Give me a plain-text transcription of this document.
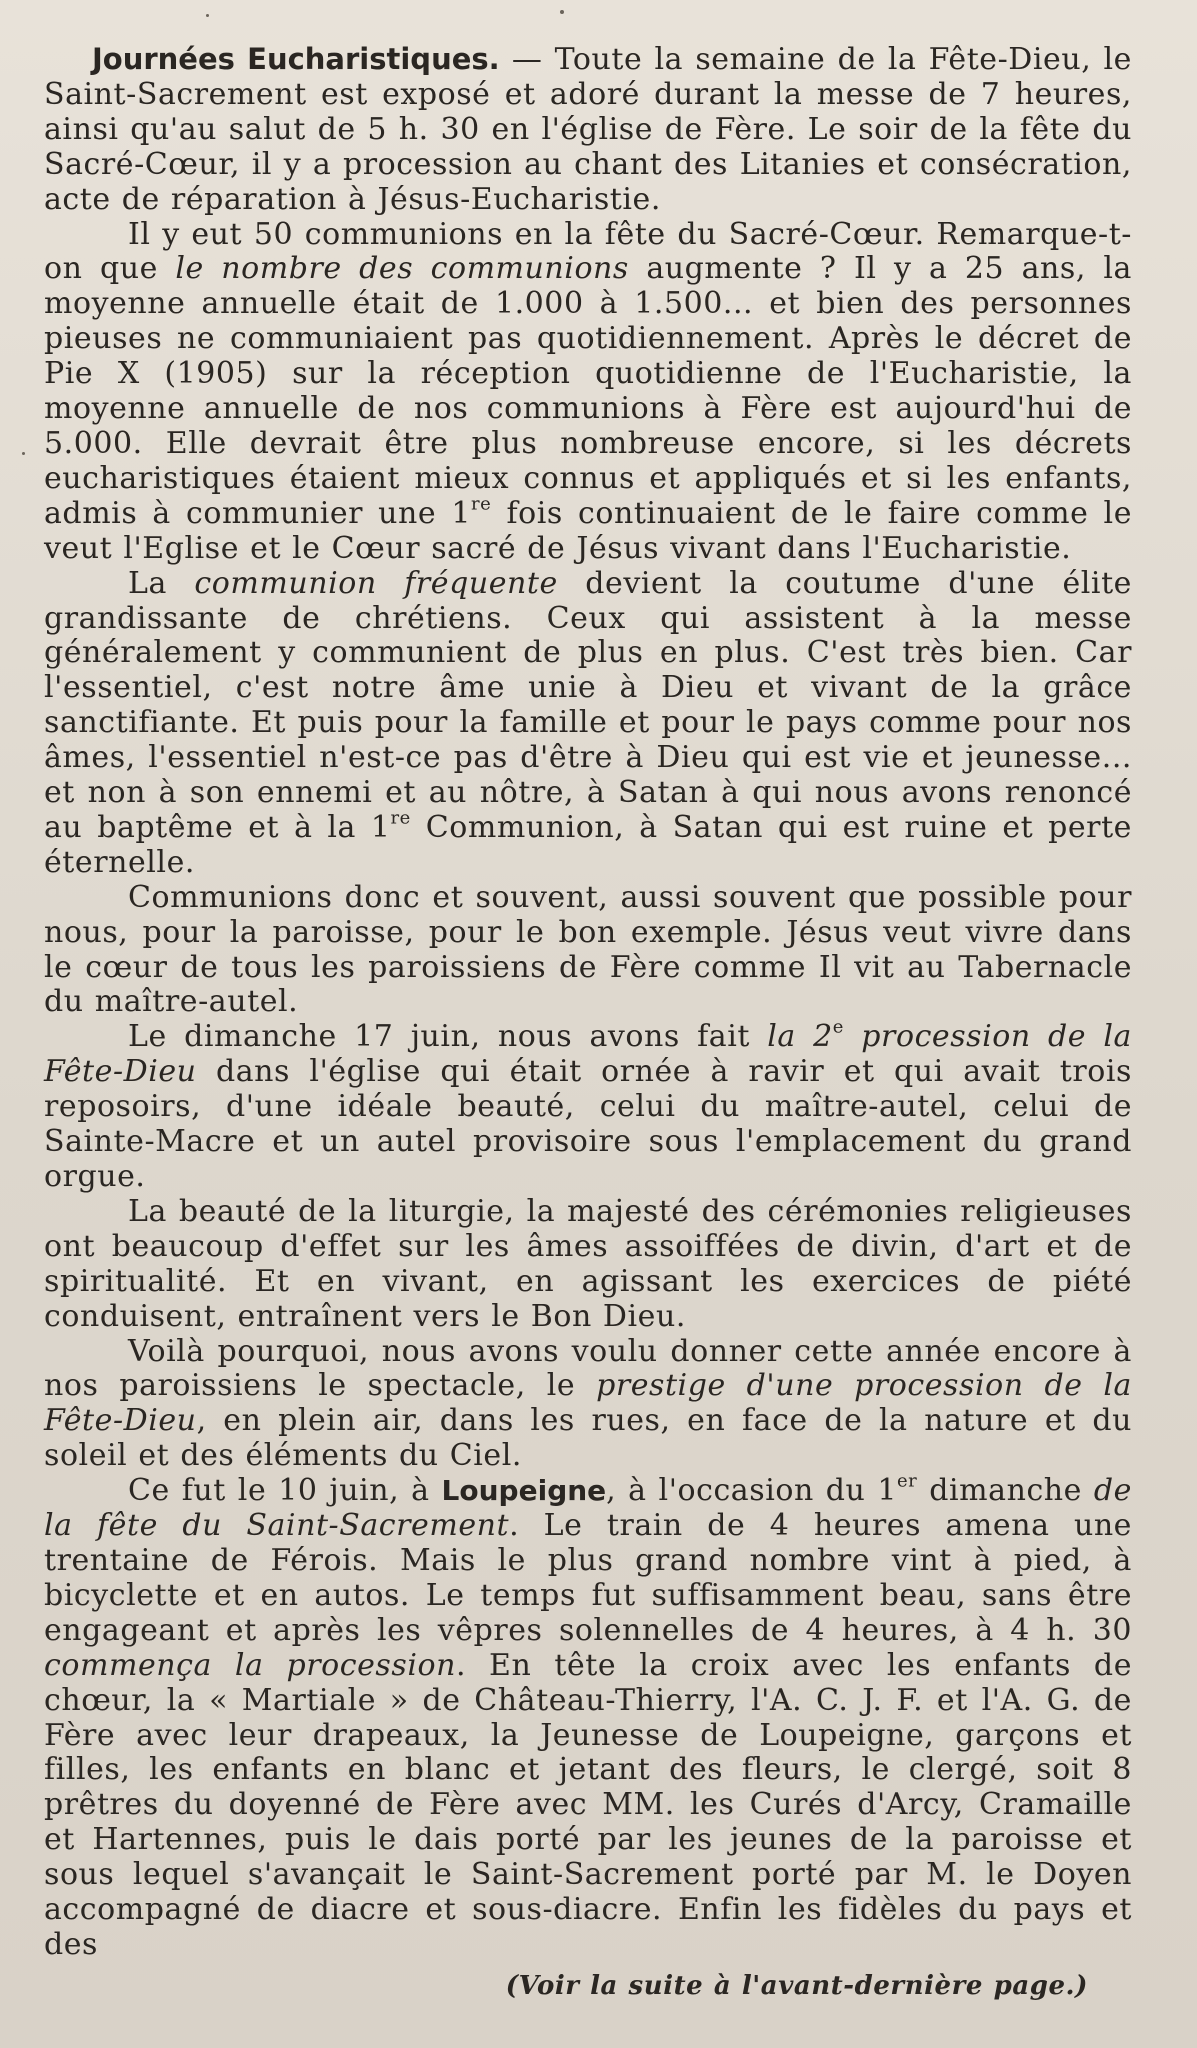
Journées Eucharistiques. — Toute la semaine de la Fête-Dieu, le Saint-Sacrement est exposé et adoré durant la messe de 7 heures, ainsi qu'au salut de 5 h. 30 en l'église de Fère. Le soir de la fête du Sacré-Cœur, il y a procession au chant des Litanies et consécration, acte de réparation à Jésus-Eucharistie.

Il y eut 50 communions en la fête du Sacré-Cœur. Remarque-t-on que le nombre des communions augmente ? Il y a 25 ans, la moyenne annuelle était de 1.000 à 1.500... et bien des personnes pieuses ne communiaient pas quotidiennement. Après le décret de Pie X (1905) sur la réception quotidienne de l'Eucharistie, la moyenne annuelle de nos communions à Fère est aujourd'hui de 5.000. Elle devrait être plus nombreuse encore, si les décrets eucharistiques étaient mieux connus et appliqués et si les enfants, admis à communier une 1re fois continuaient de le faire comme le veut l'Eglise et le Cœur sacré de Jésus vivant dans l'Eucharistie.

La communion fréquente devient la coutume d'une élite grandissante de chrétiens. Ceux qui assistent à la messe généralement y communient de plus en plus. C'est très bien. Car l'essentiel, c'est notre âme unie à Dieu et vivant de la grâce sanctifiante. Et puis pour la famille et pour le pays comme pour nos âmes, l'essentiel n'est-ce pas d'être à Dieu qui est vie et jeunesse... et non à son ennemi et au nôtre, à Satan à qui nous avons renoncé au baptême et à la 1re Communion, à Satan qui est ruine et perte éternelle.

Communions donc et souvent, aussi souvent que possible pour nous, pour la paroisse, pour le bon exemple. Jésus veut vivre dans le cœur de tous les paroissiens de Fère comme Il vit au Tabernacle du maître-autel.

Le dimanche 17 juin, nous avons fait la 2e procession de la Fête-Dieu dans l'église qui était ornée à ravir et qui avait trois reposoirs, d'une idéale beauté, celui du maître-autel, celui de Sainte-Macre et un autel provisoire sous l'emplacement du grand orgue.

La beauté de la liturgie, la majesté des cérémonies religieuses ont beaucoup d'effet sur les âmes assoiffées de divin, d'art et de spiritualité. Et en vivant, en agissant les exercices de piété conduisent, entraînent vers le Bon Dieu.

Voilà pourquoi, nous avons voulu donner cette année encore à nos paroissiens le spectacle, le prestige d'une procession de la Fête-Dieu, en plein air, dans les rues, en face de la nature et du soleil et des éléments du Ciel.

Ce fut le 10 juin, à Loupeigne, à l'occasion du 1er dimanche de la fête du Saint-Sacrement. Le train de 4 heures amena une trentaine de Férois. Mais le plus grand nombre vint à pied, à bicyclette et en autos. Le temps fut suffisamment beau, sans être engageant et après les vêpres solennelles de 4 heures, à 4 h. 30 commença la procession. En tête la croix avec les enfants de chœur, la « Martiale » de Château-Thierry, l'A. C. J. F. et l'A. G. de Fère avec leur drapeaux, la Jeunesse de Loupeigne, garçons et filles, les enfants en blanc et jetant des fleurs, le clergé, soit 8 prêtres du doyenné de Fère avec MM. les Curés d'Arcy, Cramaille et Hartennes, puis le dais porté par les jeunes de la paroisse et sous lequel s'avançait le Saint-Sacrement porté par M. le Doyen accompagné de diacre et sous-diacre. Enfin les fidèles du pays et des

(Voir la suite à l'avant-dernière page.)
